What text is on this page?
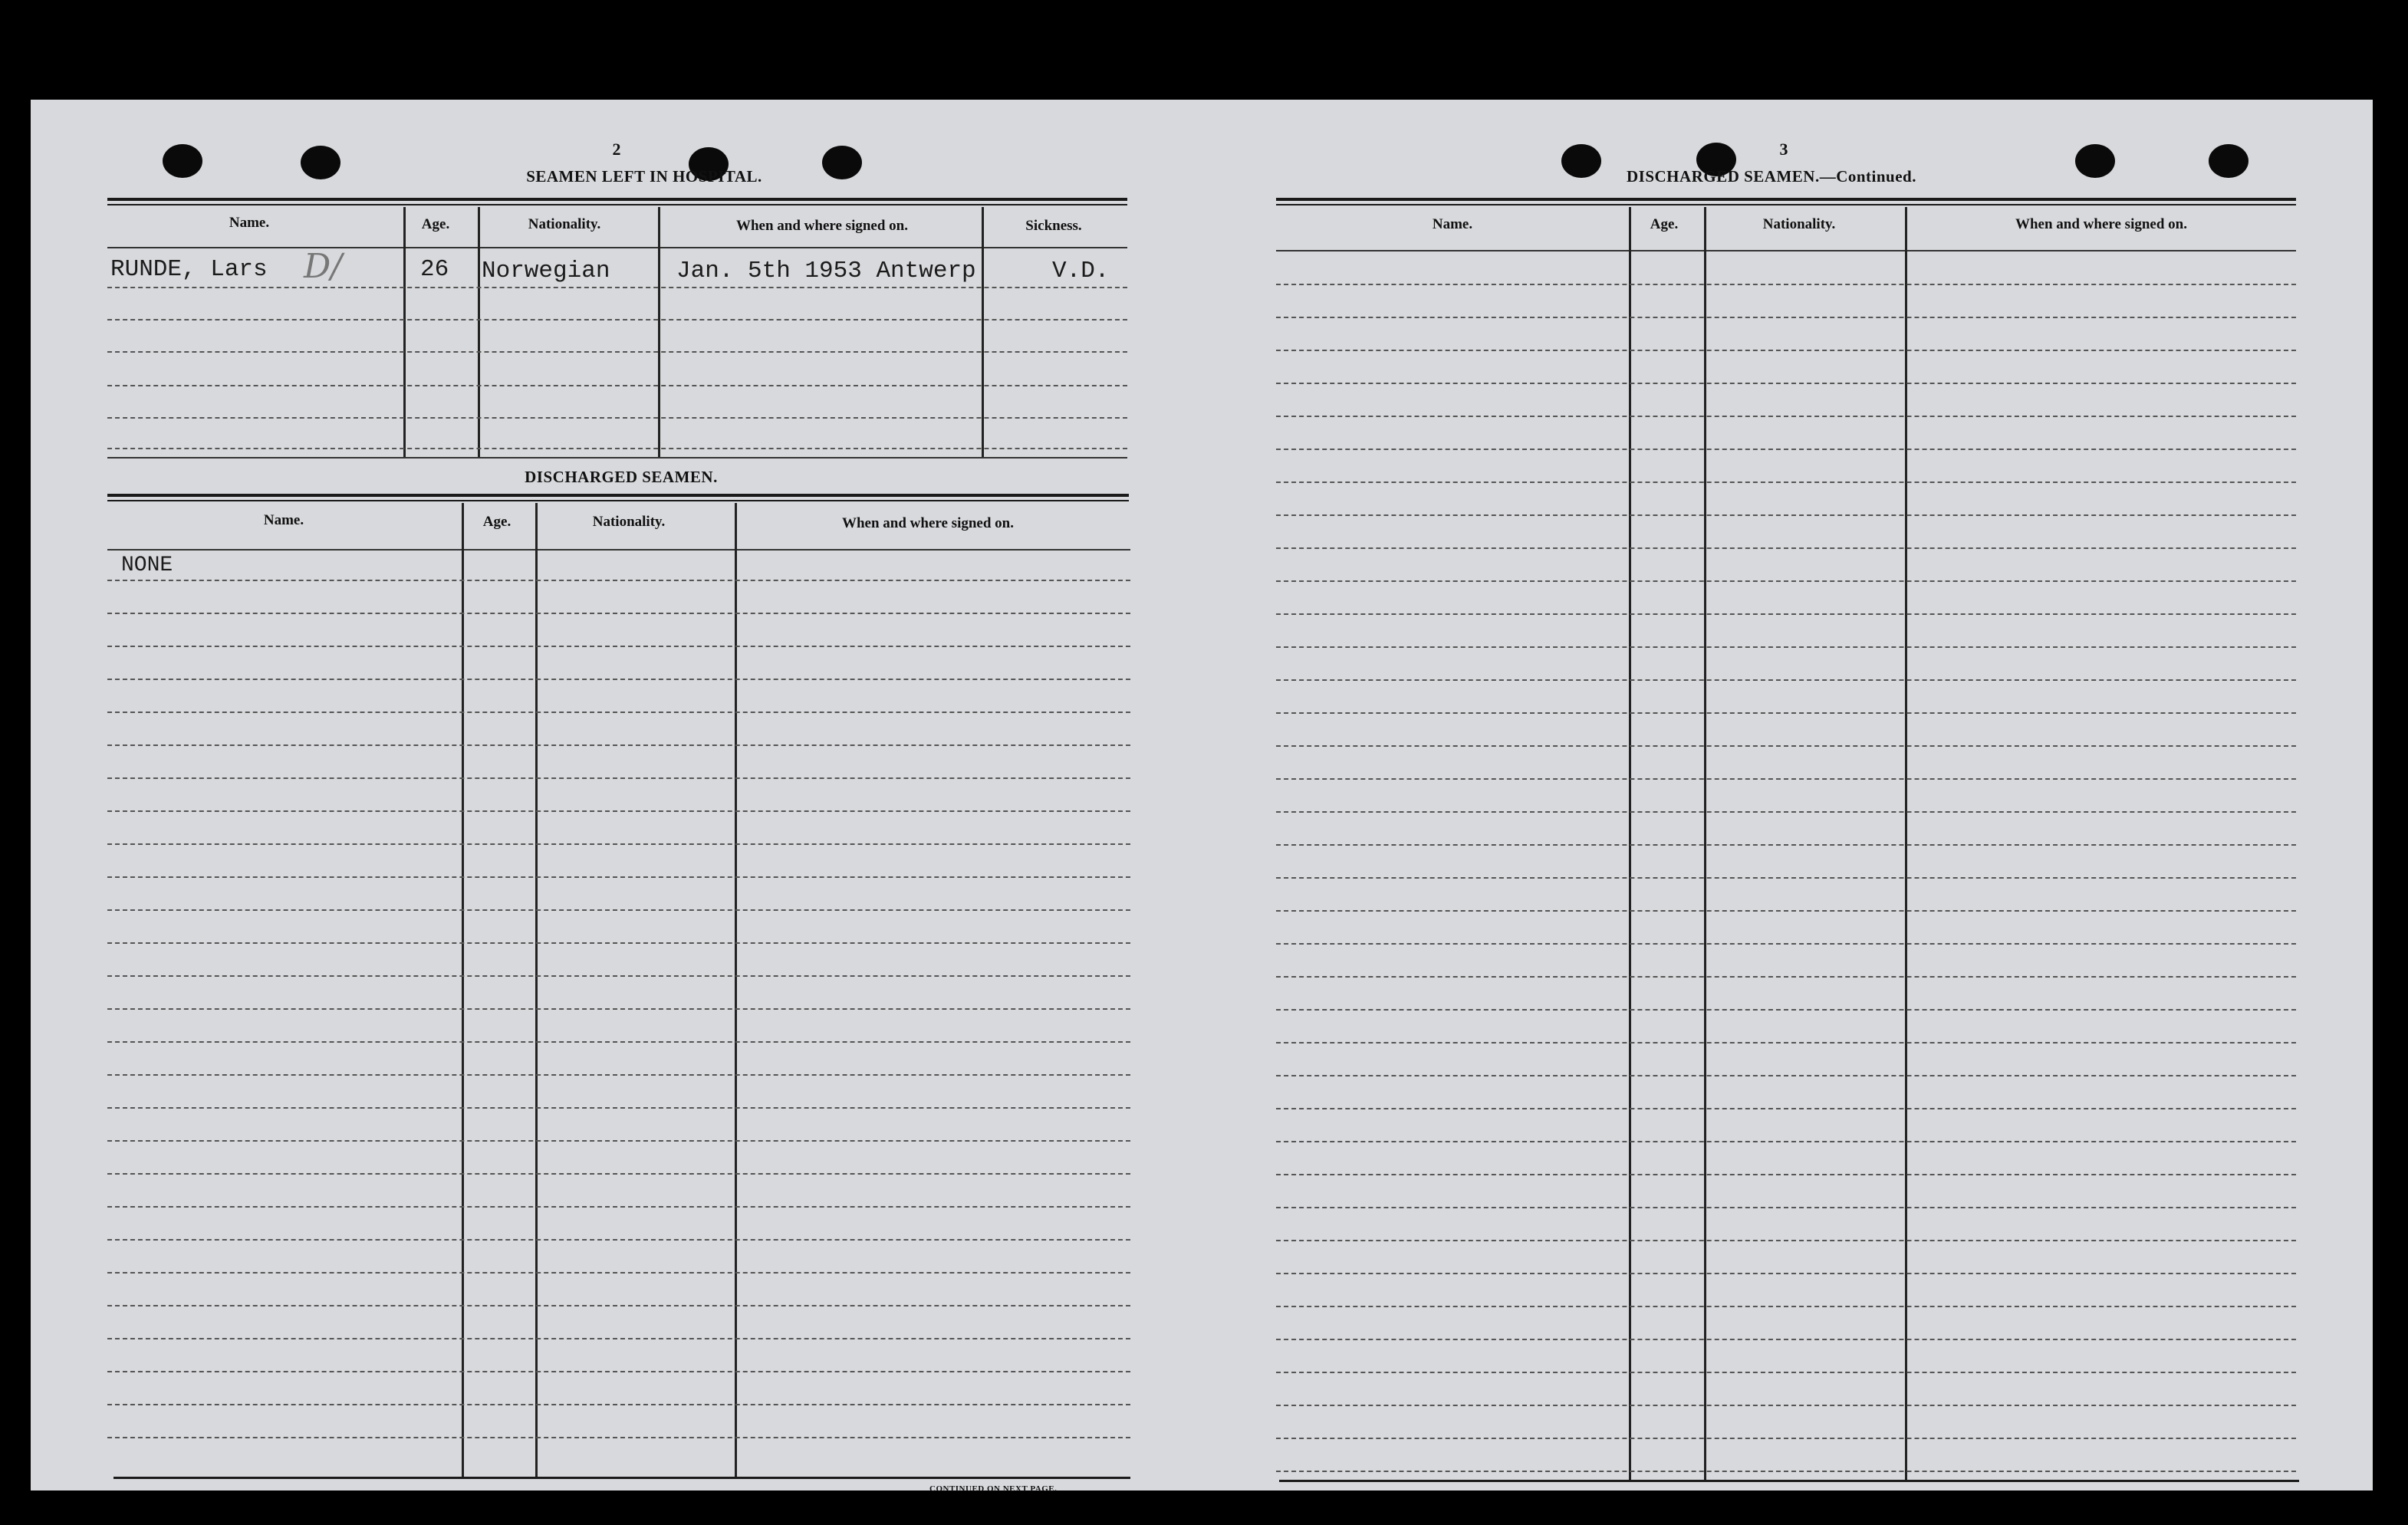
2
SEAMEN LEFT IN HOSPITAL.
Name.	Age.	Nationality.	When and where signed on.	Sickness.
RUNDE, Lars D/	26 Norwegian	Jan. 5th 1953 Antwerp	V.D.
DISCHARGED SEAMEN.
Name.	Age.	Nationality.	When and where signed on.
NONE
CONTINUED ON NEXT PAGE.
3
DISCHARGED SEAMEN.—Continued.
Name.	Age.	Nationality.	When and where signed on.
